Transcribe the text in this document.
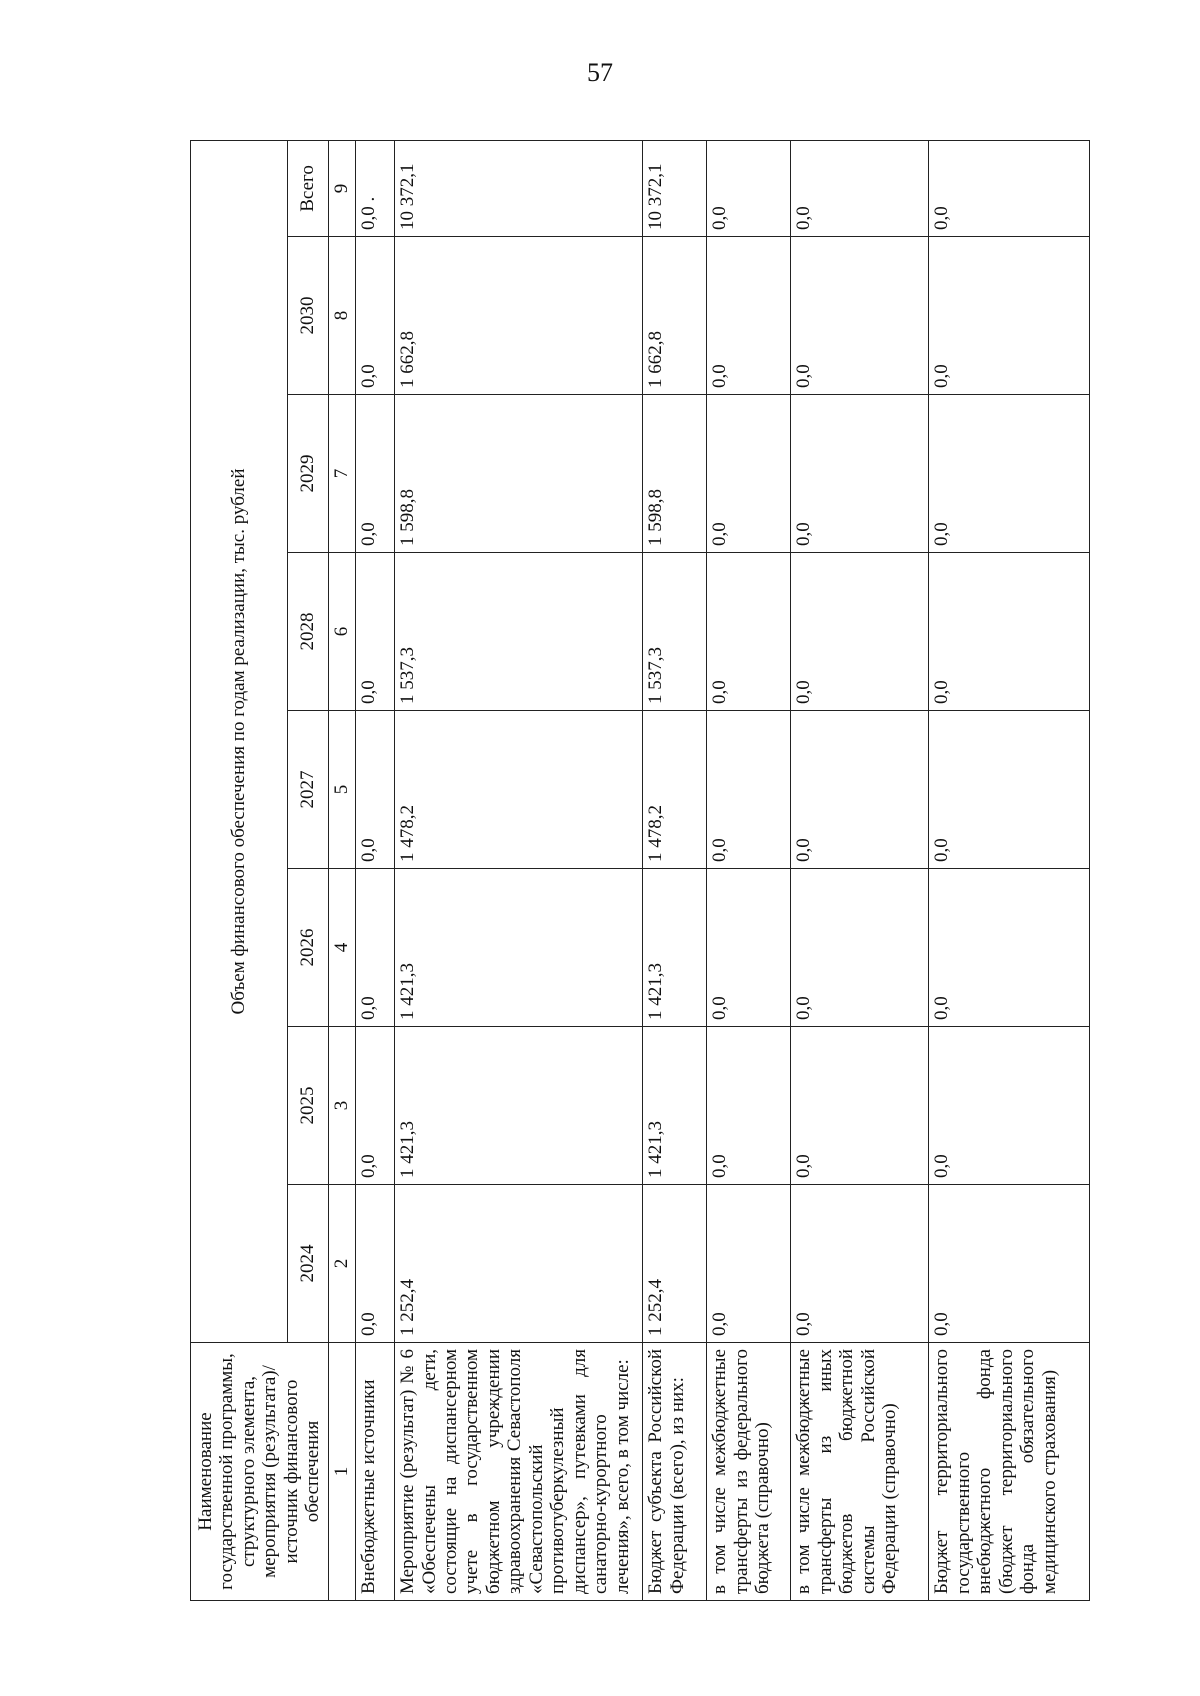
57
Наименование государственной программы, структурного элемента, мероприятия (результата)/источник финансового обеспечения	Объем финансового обеспечения по годам реализации, тыс. рублей							
	2024	2025	2026	2027	2028	2029	2030	Всего
1	2	3	4	5	6	7	8	9
Внебюджетные источники	0,0	0,0	0,0	0,0	0,0	0,0	0,0	0,0 .
Мероприятие (результат) № 6 «Обеспечены дети, состоящие на диспансерном учете в государственном бюджетном учреждении здравоохранения Севастополя «Севастопольский противотуберкулезный диспансер», путевками для санаторно-курортного лечения», всего, в том числе:	1 252,4	1 421,3	1 421,3	1 478,2	1 537,3	1 598,8	1 662,8	10 372,1
Бюджет субъекта Российской Федерации (всего), из них:	1 252,4	1 421,3	1 421,3	1 478,2	1 537,3	1 598,8	1 662,8	10 372,1
в том числе межбюджетные трансферты из федерального бюджета (справочно)	0,0	0,0	0,0	0,0	0,0	0,0	0,0	0,0
в том числе межбюджетные трансферты из иных бюджетов бюджетной системы Российской Федерации (справочно)	0,0	0,0	0,0	0,0	0,0	0,0	0,0	0,0
Бюджет территориального государственного внебюджетного фонда (бюджет территориального фонда обязательного медицинского страхования)	0,0	0,0	0,0	0,0	0,0	0,0	0,0	0,0
